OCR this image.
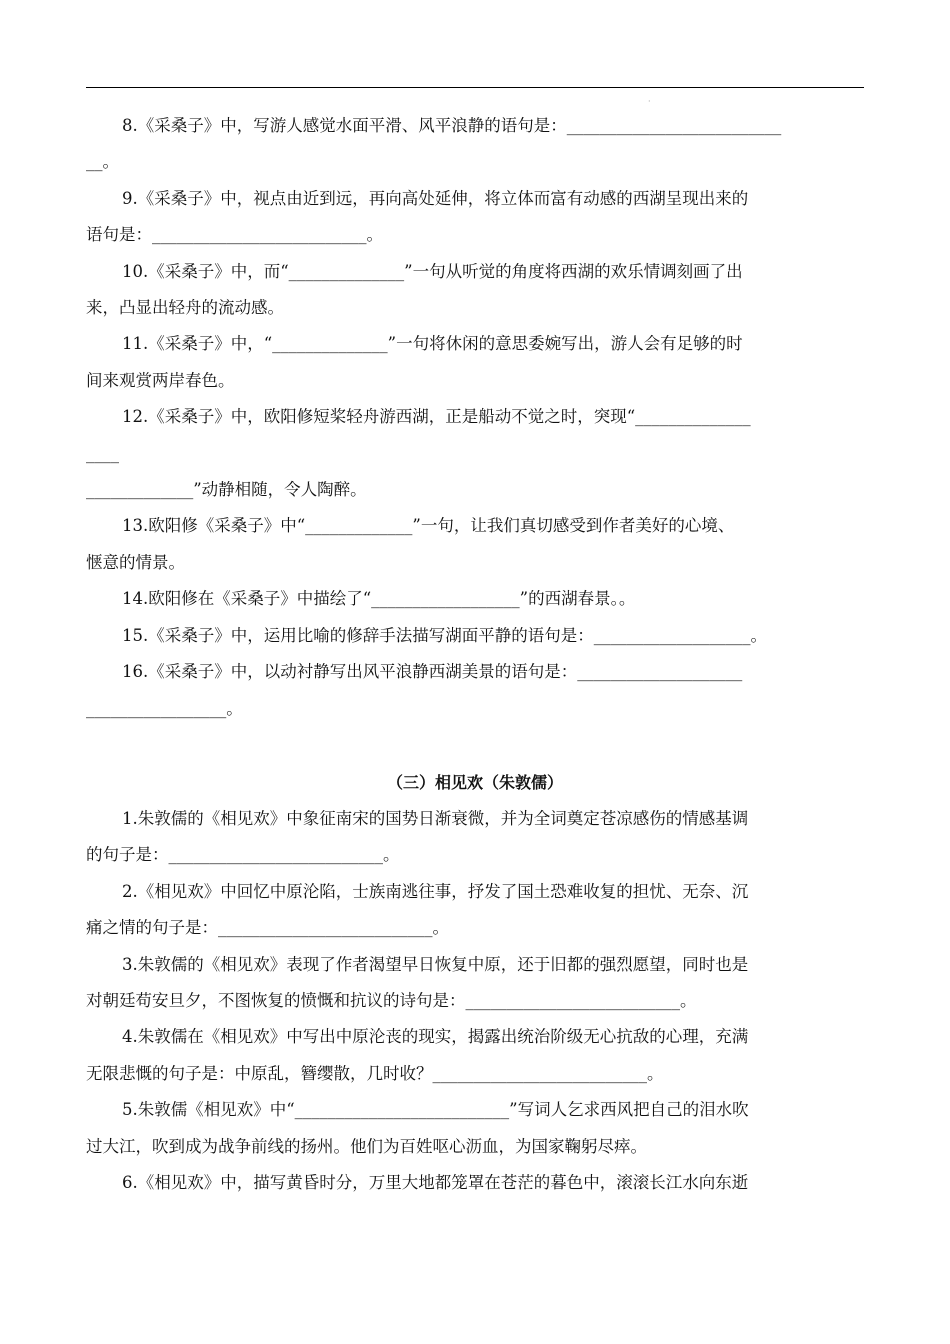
·

8.《采桑子》中，写游人感觉水面平滑、风平浪静的语句是：__________________________
__。

9.《采桑子》中，视点由近到远，再向高处延伸，将立体而富有动感的西湖呈现出来的
语句是：__________________________。

10.《采桑子》中，而“______________”一句从听觉的角度将西湖的欢乐情调刻画了出
来，凸显出轻舟的流动感。

11.《采桑子》中，“______________”一句将休闲的意思委婉写出，游人会有足够的时
间来观赏两岸春色。

12.《采桑子》中，欧阳修短桨轻舟游西湖，正是船动不觉之时，突现“______________
____
_____________”动静相随，令人陶醉。

13.欧阳修《采桑子》中“_____________”一句，让我们真切感受到作者美好的心境、
惬意的情景。

14.欧阳修在《采桑子》中描绘了“__________________”的西湖春景。。

15.《采桑子》中，运用比喻的修辞手法描写湖面平静的语句是：___________________。

16.《采桑子》中，以动衬静写出风平浪静西湖美景的语句是：____________________
_________________。

（三）相见欢（朱敦儒）

1.朱敦儒的《相见欢》中象征南宋的国势日渐衰微，并为全词奠定苍凉感伤的情感基调
的句子是：__________________________。

2.《相见欢》中回忆中原沦陷，士族南逃往事，抒发了国土恐难收复的担忧、无奈、沉
痛之情的句子是：__________________________。

3.朱敦儒的《相见欢》表现了作者渴望早日恢复中原，还于旧都的强烈愿望，同时也是
对朝廷苟安旦夕，不图恢复的愤慨和抗议的诗句是：__________________________。

4.朱敦儒在《相见欢》中写出中原沦丧的现实，揭露出统治阶级无心抗敌的心理，充满
无限悲慨的句子是：中原乱，簪缨散，几时收？__________________________。

5.朱敦儒《相见欢》中“__________________________”写词人乞求西风把自己的泪水吹
过大江，吹到成为战争前线的扬州。他们为百姓呕心沥血，为国家鞠躬尽瘁。

6.《相见欢》中，描写黄昏时分，万里大地都笼罩在苍茫的暮色中，滚滚长江水向东逝
